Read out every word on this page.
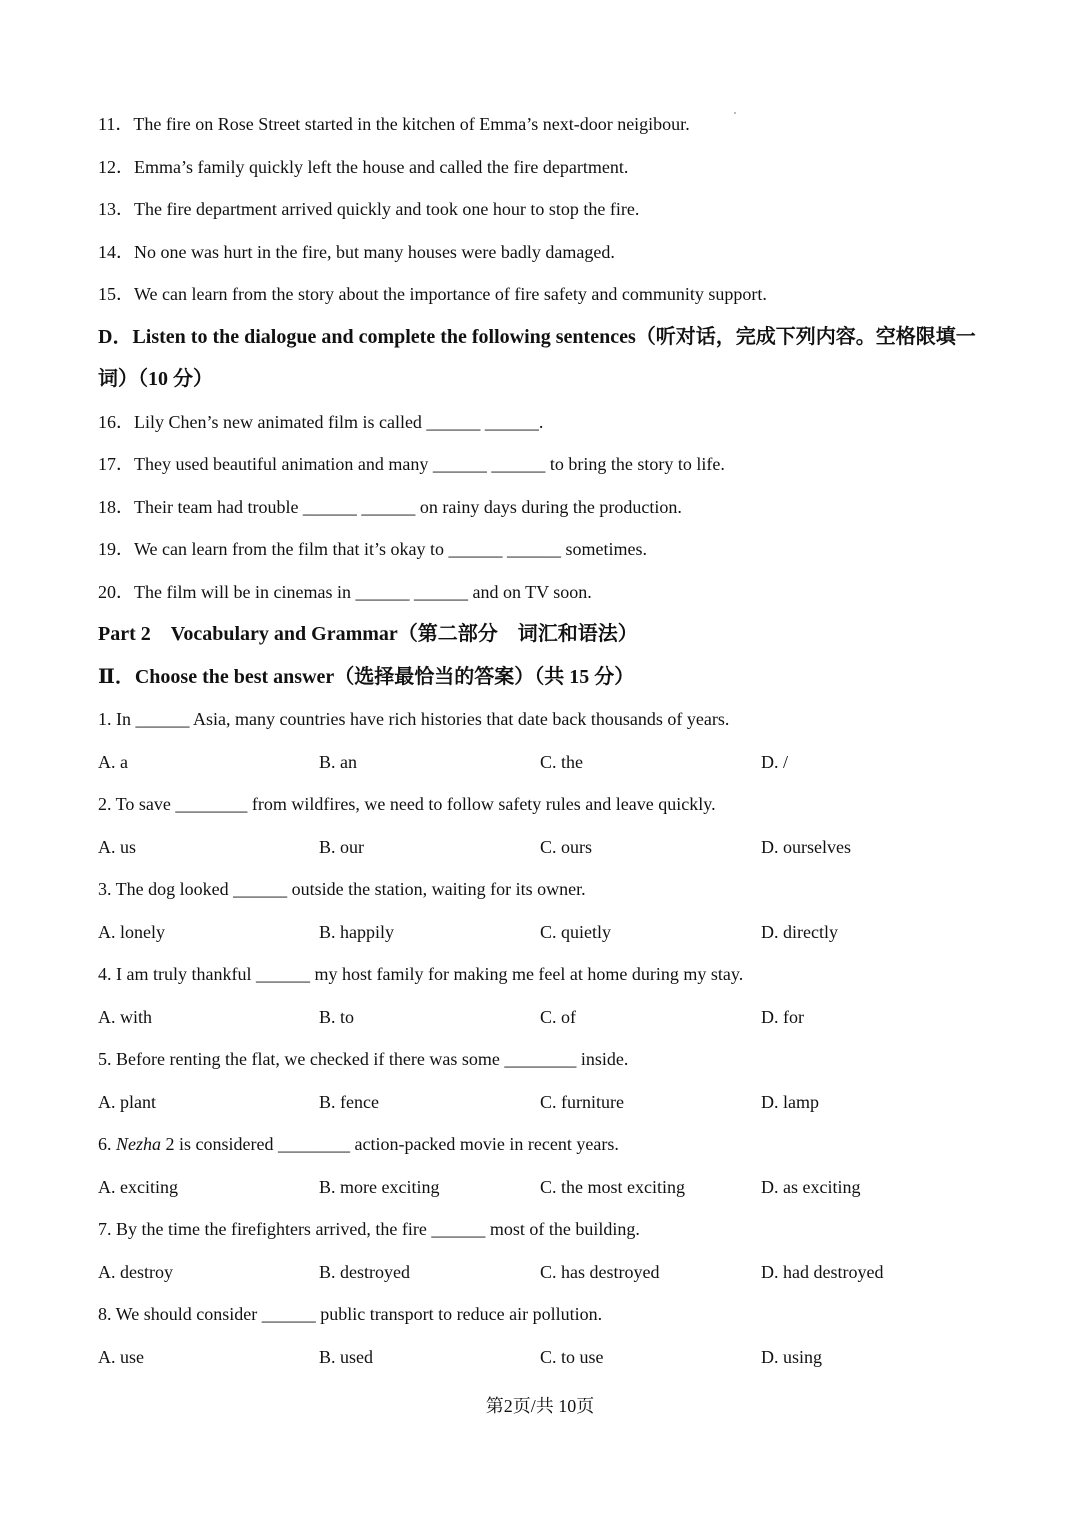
11．The fire on Rose Street started in the kitchen of Emma’s next-door neigibour.
12．Emma’s family quickly left the house and called the fire department.
13．The fire department arrived quickly and took one hour to stop the fire.
14．No one was hurt in the fire, but many houses were badly damaged.
15．We can learn from the story about the importance of fire safety and community support.
D．Listen to the dialogue and complete the following sentences（听对话，完成下列内容。空格限填一词）（10 分）
16．Lily Chen’s new animated film is called ______ ______.
17．They used beautiful animation and many ______ ______ to bring the story to life.
18．Their team had trouble ______ ______ on rainy days during the production.
19．We can learn from the film that it’s okay to ______ ______ sometimes.
20．The film will be in cinemas in ______ ______ and on TV soon.
Part 2　Vocabulary and Grammar（第二部分　词汇和语法）
Ⅱ．Choose the best answer（选择最恰当的答案）（共 15 分）
1. In ______ Asia, many countries have rich histories that date back thousands of years.
A. a	B. an	C. the	D. /
2. To save ________ from wildfires, we need to follow safety rules and leave quickly.
A. us	B. our	C. ours	D. ourselves
3. The dog looked ______ outside the station, waiting for its owner.
A. lonely	B. happily	C. quietly	D. directly
4. I am truly thankful ______ my host family for making me feel at home during my stay.
A. with	B. to	C. of	D. for
5. Before renting the flat, we checked if there was some ________ inside.
A. plant	B. fence	C. furniture	D. lamp
6. Nezha 2 is considered ________ action-packed movie in recent years.
A. exciting	B. more exciting	C. the most exciting	D. as exciting
7. By the time the firefighters arrived, the fire ______ most of the building.
A. destroy	B. destroyed	C. has destroyed	D. had destroyed
8. We should consider ______ public transport to reduce air pollution.
A. use	B. used	C. to use	D. using
第2页/共 10页
